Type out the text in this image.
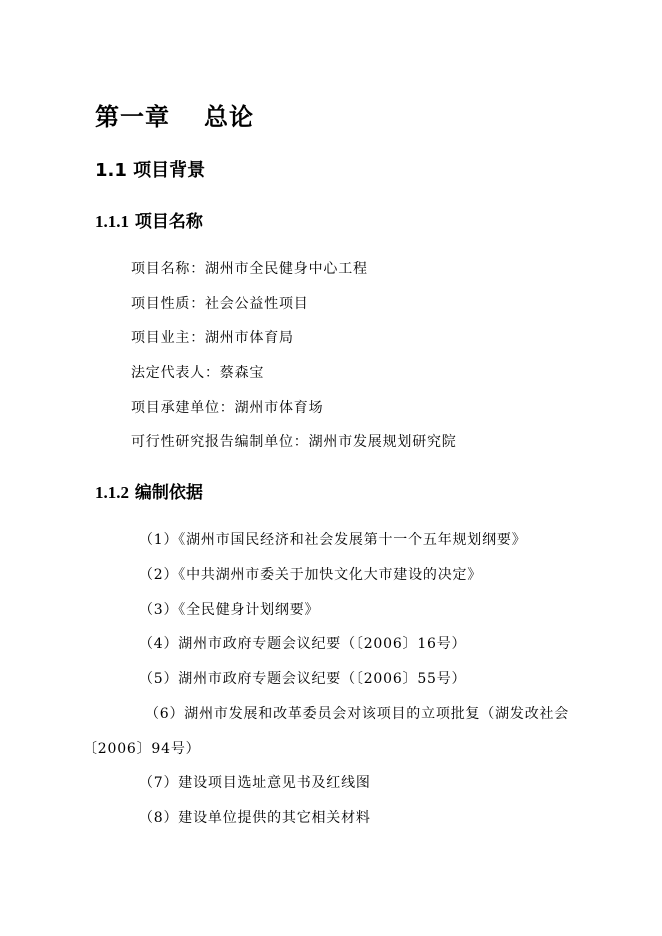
第一章 总论
1.1 项目背景
1.1.1 项目名称
项目名称：湖州市全民健身中心工程
项目性质：社会公益性项目
项目业主：湖州市体育局
法定代表人：蔡森宝
项目承建单位：湖州市体育场
可行性研究报告编制单位：湖州市发展规划研究院
1.1.2 编制依据
（1）《湖州市国民经济和社会发展第十一个五年规划纲要》
（2）《中共湖州市委关于加快文化大市建设的决定》
（3）《全民健身计划纲要》
（4）湖州市政府专题会议纪要（〔2006〕16号）
（5）湖州市政府专题会议纪要（〔2006〕55号）
（6）湖州市发展和改革委员会对该项目的立项批复（湖发改社会〔2006〕94号）
（7）建设项目选址意见书及红线图
（8）建设单位提供的其它相关材料
